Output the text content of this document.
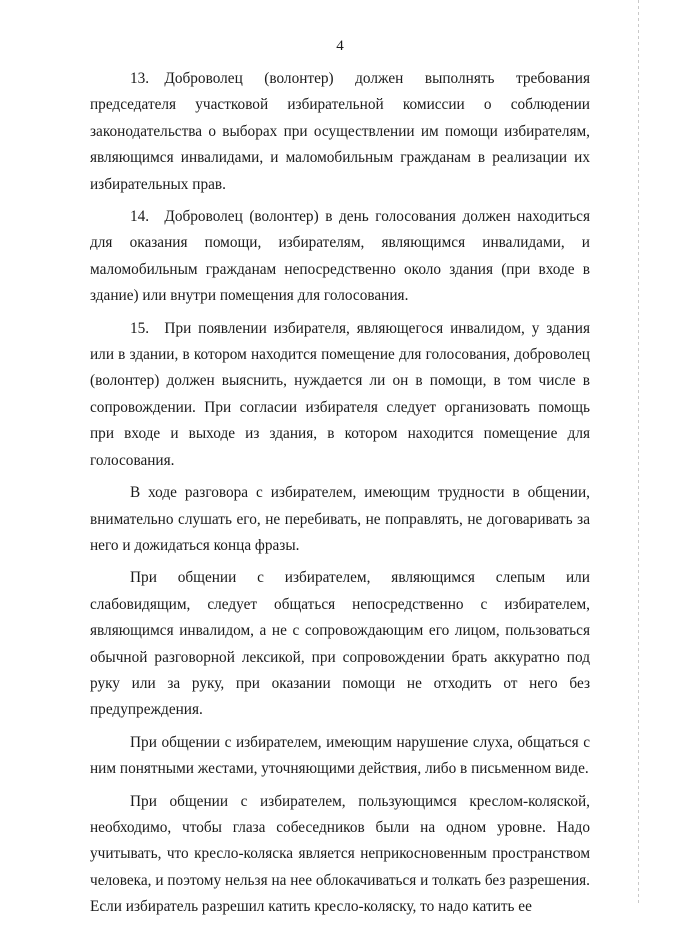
4

13. Доброволец (волонтер) должен выполнять требования председателя участковой избирательной комиссии о соблюдении законодательства о выборах при осуществлении им помощи избирателям, являющимся инвалидами, и маломобильным гражданам в реализации их избирательных прав.

14. Доброволец (волонтер) в день голосования должен находиться для оказания помощи, избирателям, являющимся инвалидами, и маломобильным гражданам непосредственно около здания (при входе в здание) или внутри помещения для голосования.

15. При появлении избирателя, являющегося инвалидом, у здания или в здании, в котором находится помещение для голосования, доброволец (волонтер) должен выяснить, нуждается ли он в помощи, в том числе в сопровождении. При согласии избирателя следует организовать помощь при входе и выходе из здания, в котором находится помещение для голосования.

В ходе разговора с избирателем, имеющим трудности в общении, внимательно слушать его, не перебивать, не поправлять, не договаривать за него и дожидаться конца фразы.

При общении с избирателем, являющимся слепым или слабовидящим, следует общаться непосредственно с избирателем, являющимся инвалидом, а не с сопровождающим его лицом, пользоваться обычной разговорной лексикой, при сопровождении брать аккуратно под руку или за руку, при оказании помощи не отходить от него без предупреждения.

При общении с избирателем, имеющим нарушение слуха, общаться с ним понятными жестами, уточняющими действия, либо в письменном виде.

При общении с избирателем, пользующимся креслом-коляской, необходимо, чтобы глаза собеседников были на одном уровне. Надо учитывать, что кресло-коляска является неприкосновенным пространством человека, и поэтому нельзя на нее облокачиваться и толкать без разрешения. Если избиратель разрешил катить кресло-коляску, то надо катить ее
